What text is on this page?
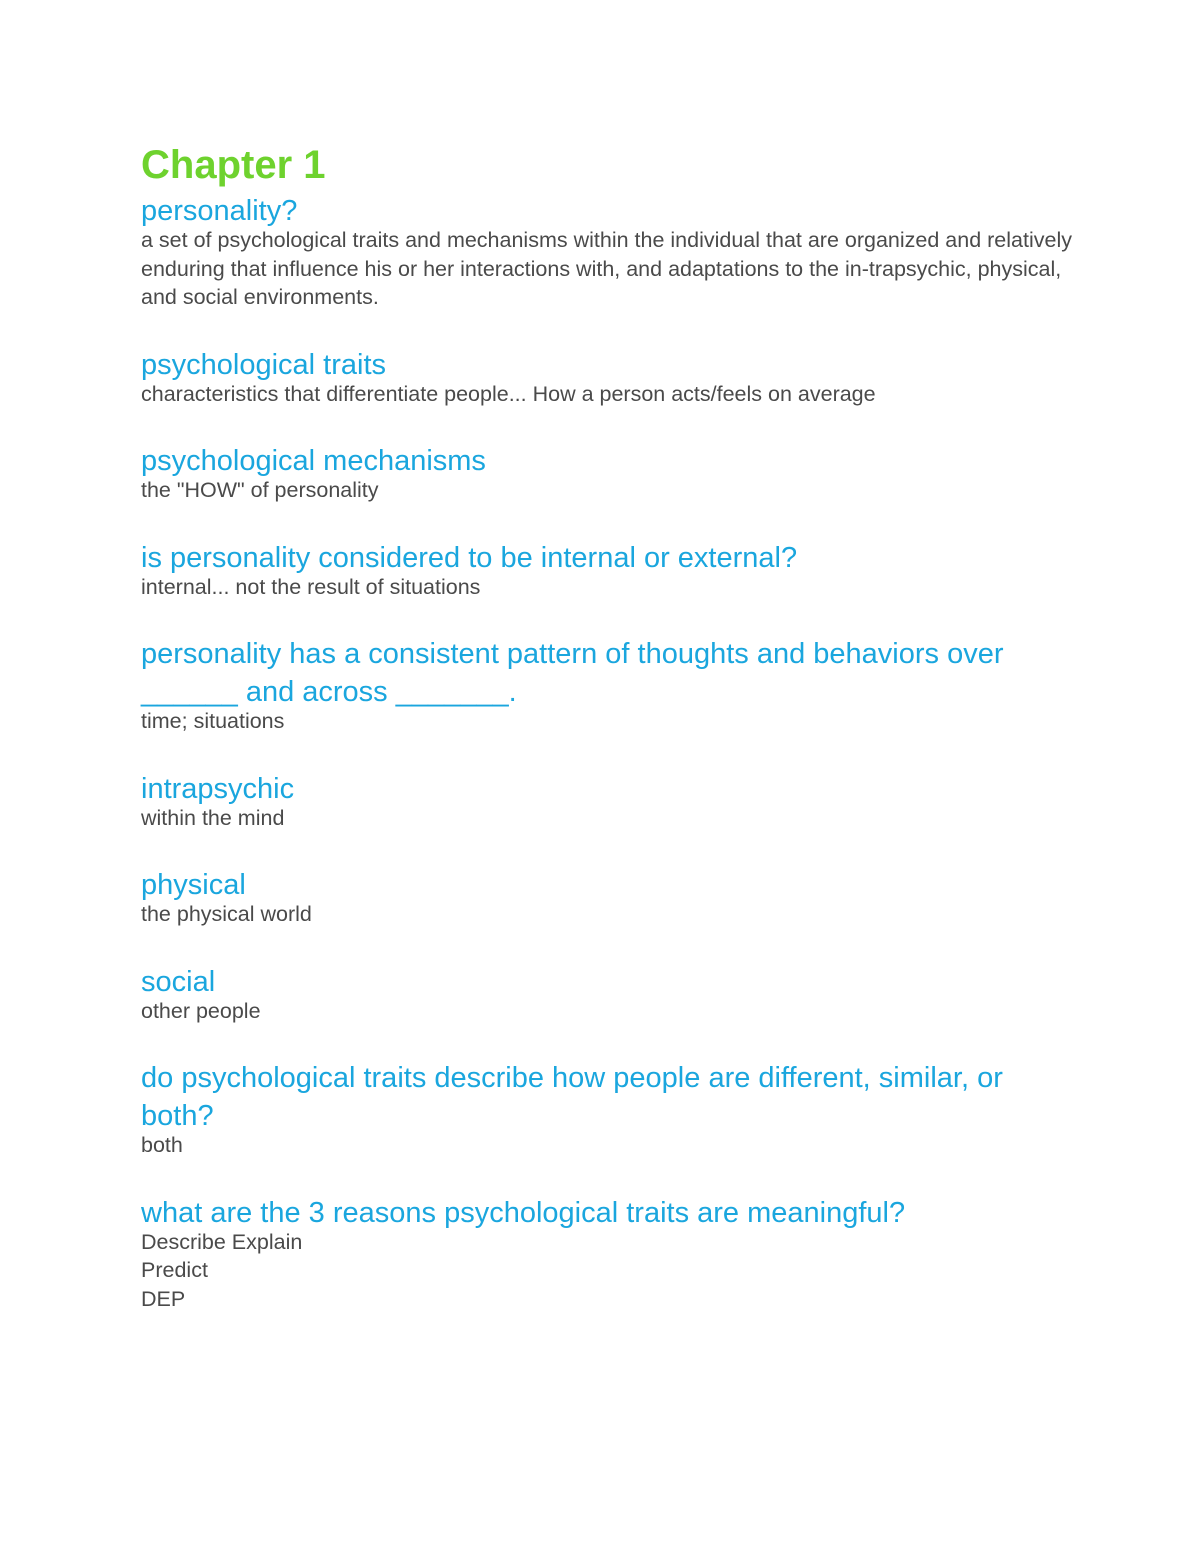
Chapter 1
personality?
a set of psychological traits and mechanisms within the individual that are organized and relatively enduring that influence his or her interactions with, and adaptations to the in-trapsychic, physical, and social environments.
psychological traits
characteristics that differentiate people... How a person acts/feels on average
psychological mechanisms
the "HOW" of personality
is personality considered to be internal or external?
internal... not the result of situations
personality has a consistent pattern of thoughts and behaviors over ______ and across _______.
time; situations
intrapsychic
within the mind
physical
the physical world
social
other people
do psychological traits describe how people are different, similar, or both?
both
what are the 3 reasons psychological traits are meaningful?
Describe Explain
Predict
DEP
